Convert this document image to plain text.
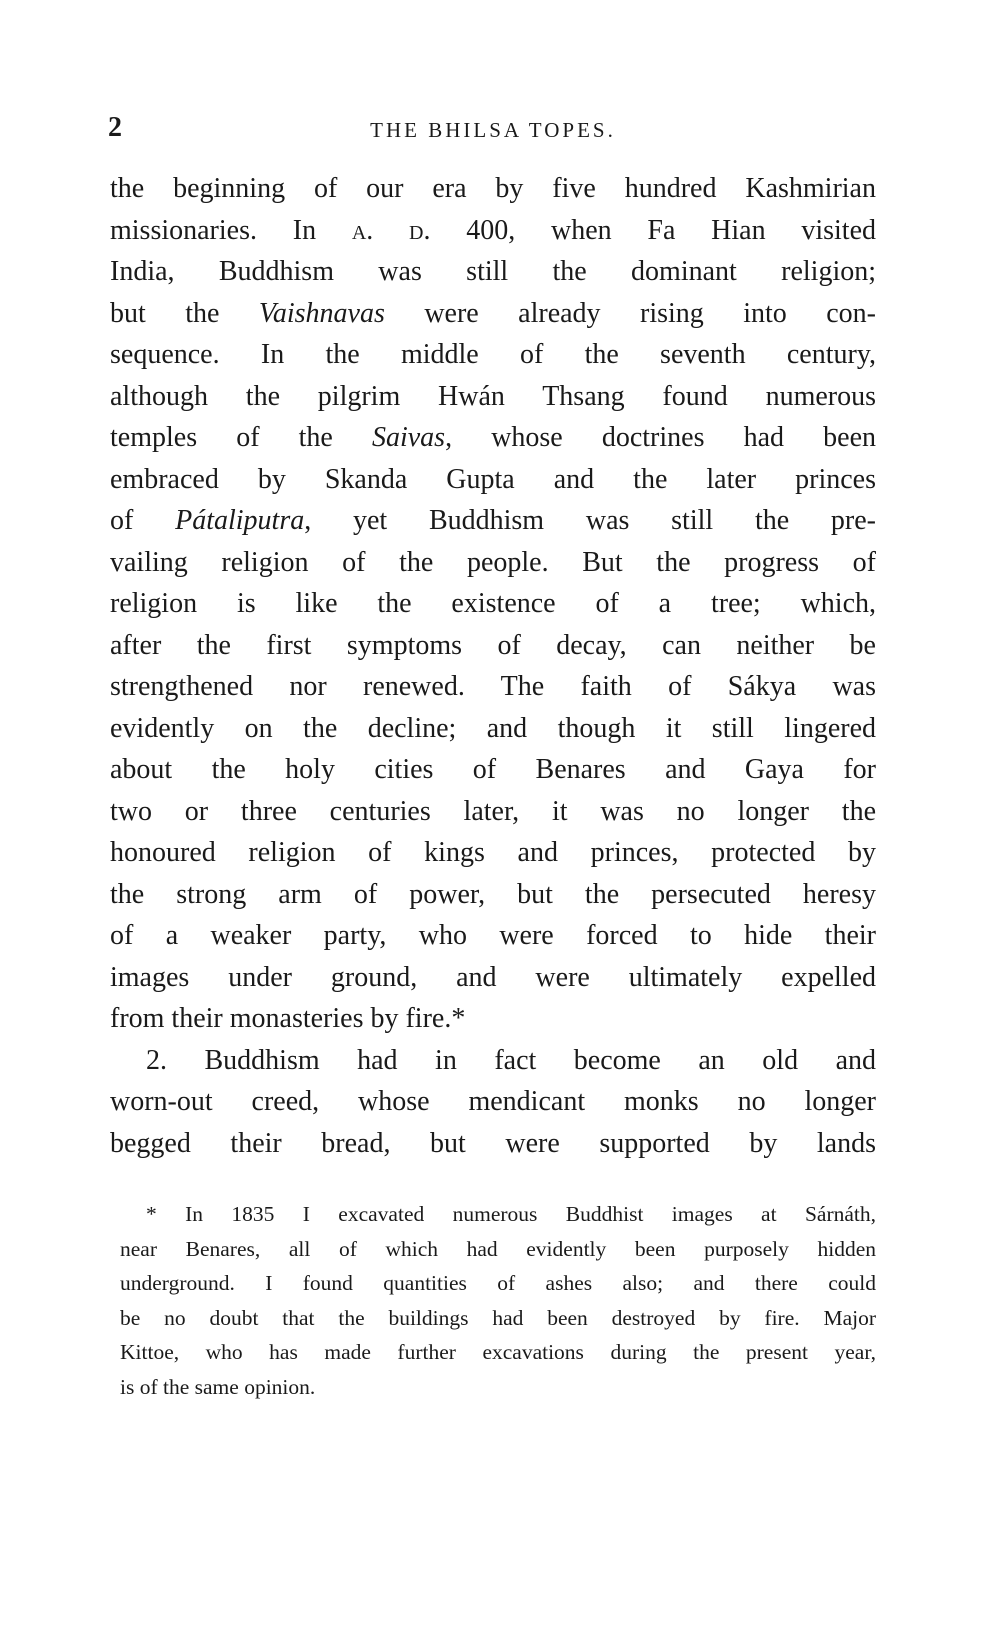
2	THE BHILSA TOPES.
the beginning of our era by five hundred Kashmirian
missionaries. In a. d. 400, when Fa Hian visited
India, Buddhism was still the dominant religion;
but the Vaishnavas were already rising into con-
sequence. In the middle of the seventh century,
although the pilgrim Hwán Thsang found numerous
temples of the Saivas, whose doctrines had been
embraced by Skanda Gupta and the later princes
of Pátaliputra, yet Buddhism was still the pre-
vailing religion of the people. But the progress of
religion is like the existence of a tree; which,
after the first symptoms of decay, can neither be
strengthened nor renewed. The faith of Sákya was
evidently on the decline; and though it still lingered
about the holy cities of Benares and Gaya for
two or three centuries later, it was no longer the
honoured religion of kings and princes, protected by
the strong arm of power, but the persecuted heresy
of a weaker party, who were forced to hide their
images under ground, and were ultimately expelled
from their monasteries by fire.*
2. Buddhism had in fact become an old and
worn-out creed, whose mendicant monks no longer
begged their bread, but were supported by lands
* In 1835 I excavated numerous Buddhist images at Sárnáth,
near Benares, all of which had evidently been purposely hidden
underground. I found quantities of ashes also; and there could
be no doubt that the buildings had been destroyed by fire. Major
Kittoe, who has made further excavations during the present year,
is of the same opinion.
